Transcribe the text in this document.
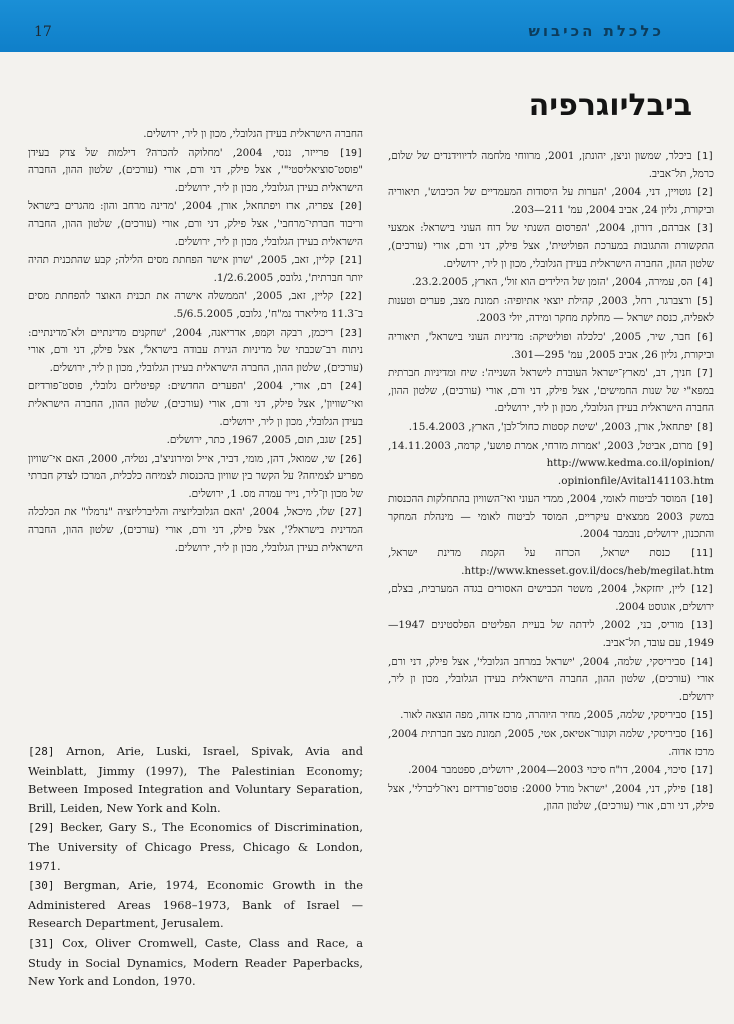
17	כלכלת הכיבוש
ביבליוגרפיה
[1] ביכלר, שמשון וניצן, יהונתן, 2001, מרווחי מלחמה לדיווידנדים של שלום, כרמל, תל־אביב.
[2] גוטויין, דני, 2004, 'הערות על היסודות המעמדיים של הכיבוש', תיאוריה וביקורת, גליון 24, אביב 2004, עמ' 211—203.
[3] אברהם, דורון, 2004, 'הפרסום השנתי של דוח העוני בישראל: אמצעי התקשורת והתגובות במערכת הפוליטית', אצל פילק, דני ורם, אורי (עורכים), שלטון ההון, החברה הישראלית בעידן הגלובלי, מכון ון ליר, ירושלים.
[4] הס, עמירה, 2004, 'הזמן של הילידים הוא זול', הארץ, 23.2.2005.
[5] ורצברגר, רחל, 2003, קהילת יוצאי אתיופיה: תמונת מצב, פערים וטענות לאפליה, כנסת ישראל — מחלקת מחקר ומידה, יולי 2003.
[6] חבר, שיר, 2005, 'כלכלה ופוליטיקה: מדיניות העוני בישראל', תיאוריה וביקורת, גליון 26, אביב 2005, עמ' 295—301.
[7] חניך, דב, 'מארץ־ישראל העובדת לישראל השנייה': שיח ומדיניות חברתית במפא"י של שנות החמישים', אצל פילק, דני ורם, אורי (עורכים), שלטון ההון, החברה הישראלית בעידן הגלובלי, מכון ון ליר, ירושלים.
[8] יפתחאל, אורן, 2003, 'שיטת קסטות כחול־לבן', הארץ, 15.4.2003.
[9] מרום, אביטל, 2003, 'אמרות מזרחי, אמרת פושע', קדמה, 14.11.2003, http://www.kedma.co.il/opinion/ opinionfile/Avital141103.htm.
[10] המוסד לביטוח לאומי, 2004, ממדי העוני ואי־השוויון בהתחלקות ההכנסות במשק 2003 ממצאים עיקריים, המוסד לביטוח לאומי — מינהלת המחקר והתכנון, ירושלים, נובמבר 2004.
[11] כנסת ישראל, הכרזה על הקמת מדינת ישראל, http://www.knesset.gov.il/docs/heb/megilat.htm.
[12] ליין, יחזקאל, 2004, משטר הכבישים האסורים בגדה המערבית, בצלם, ירושלים, אוגוסט 2004.
[13] מוריס, בני, 2002, לידתה של בעיית הפליטים הפלסטינים 1947—1949, עם עובד, תל־אביב.
[14] סביריסקי, שלמה, 2004, 'ישראל במרחב הגלובלי', אצל פילק, דני ורם, אורי (עורכים), שלטון ההון, החברה הישראלית בעידן הגלובלי, מכון ון ליר, ירושלים.
[15] סביריסקי, שלמה, 2005, מחיר היוהרה, מרכז אדוה, מפה הוצאה לאור.
[16] סביריסקי, שלמה וקונור־אטיאס, אטי, 2005, תמונת מצב חברתית 2004, מרכז אדוה.
[17] סיכוי, 2004, דו"ח סיכוי 2003—2004, ירושלים, ספטמבר 2004.
[18] פילק, דני, 2004, 'ישראל מודל 2000: פוסט־פורדיזם ניאו־ליברלי', אצל פילק, דני ורם, אורי (עורכים), שלטון ההון,
החברה הישראלית בעידן הגלובלי, מכון ון ליר, ירושלים.
[19] פרייזר, ננסי, 2004, 'מחלוקה להכרה? דילמות של צדק בעידן "פוסט־סוציאליסטי"', אצל פילק, דני ורם, אורי (עורכים), שלטון ההון, החברה הישראלית בעידן הגלובלי, מכון ון ליר, ירושלים.
[20] צפריה, ארז ויפתחאל, אורן, 2004, 'מדינה מרחב והון: מהגרים בישראל וריבוד חברתי־מרחבי', אצל פילק, דני ורם, אורי (עורכים), שלטון ההון, החברה הישראלית בעידן הגלובלי, מכון ון ליר, ירושלים.
[21] קליין, זאב, 2005, 'שרון אישר הפחתת מסים הלילה; קבע שהתכנית תהיה יותר חברתית', גלובס, 1/2.6.2005.
[22] קליין, זאב, 2005, 'הממשלה אישרה את תכנית האוצר להפחתת מסים ב־11.3 מיליארד נמ"ח', גלובס, 5/6.5.2005.
[23] ריכמן, רבקה וקמפ, אדריאנה, 2004, 'שחקנים מדינתיים ולא־מדינתיים: ניתוח רב־שכבתי של מדיניות הגירת עבודה בישראל', אצל פילק, דני ורם, אורי (עורכים), שלטון ההון, החברה הישראלית בעידן הגלובלי, מכון ון ליר, ירושלים.
[24] רם, אורי, 2004, 'הפערים החדשים: קפיטליזם גלובלי, פוסט־פורדיזם ואי־שוויון', אצל פילק, דני ורם, אורי (עורכים), שלטון ההון, החברה הישראלית בעידן הגלובלי, מכון ון ליר, ירושלים.
[25] שגב, תום, 2005, 1967, כתר, ירושלים.
[26] שי, שמואל, דהן, מומי, דביר, אייל ומירוניצ'ב, נטליה, 2000, האם אי־שוויון מפריע לצמיחה? על הקשר בין שוויון בהכנסות לצמיחה כלכלית, המרכז לצדק חברתי של מכון ון־ליר, נייר עמדה מס. 1, ירושלים.
[27] שלו, מיכאל, 2004, 'האם הגלובליזציה והליברליזציה "נרמלו" את הכלכלה המדינית בישראל?', אצל פילק, דני ורם, אורי (עורכים), שלטון ההון, החברה הישראלית בעידן הגלובלי, מכון ון ליר, ירושלים.
[28] Arnon, Arie, Luski, Israel, Spivak, Avia and Weinblatt, Jimmy (1997), The Palestinian Economy; Between Imposed Integration and Voluntary Separation, Brill, Leiden, New York and Koln.
[29] Becker, Gary S., The Economics of Discrimination, The University of Chicago Press, Chicago & London, 1971.
[30] Bergman, Arie, 1974, Economic Growth in the Administered Areas 1968–1973, Bank of Israel — Research Department, Jerusalem.
[31] Cox, Oliver Cromwell, Caste, Class and Race, a Study in Social Dynamics, Modern Reader Paperbacks, New York and London, 1970.
